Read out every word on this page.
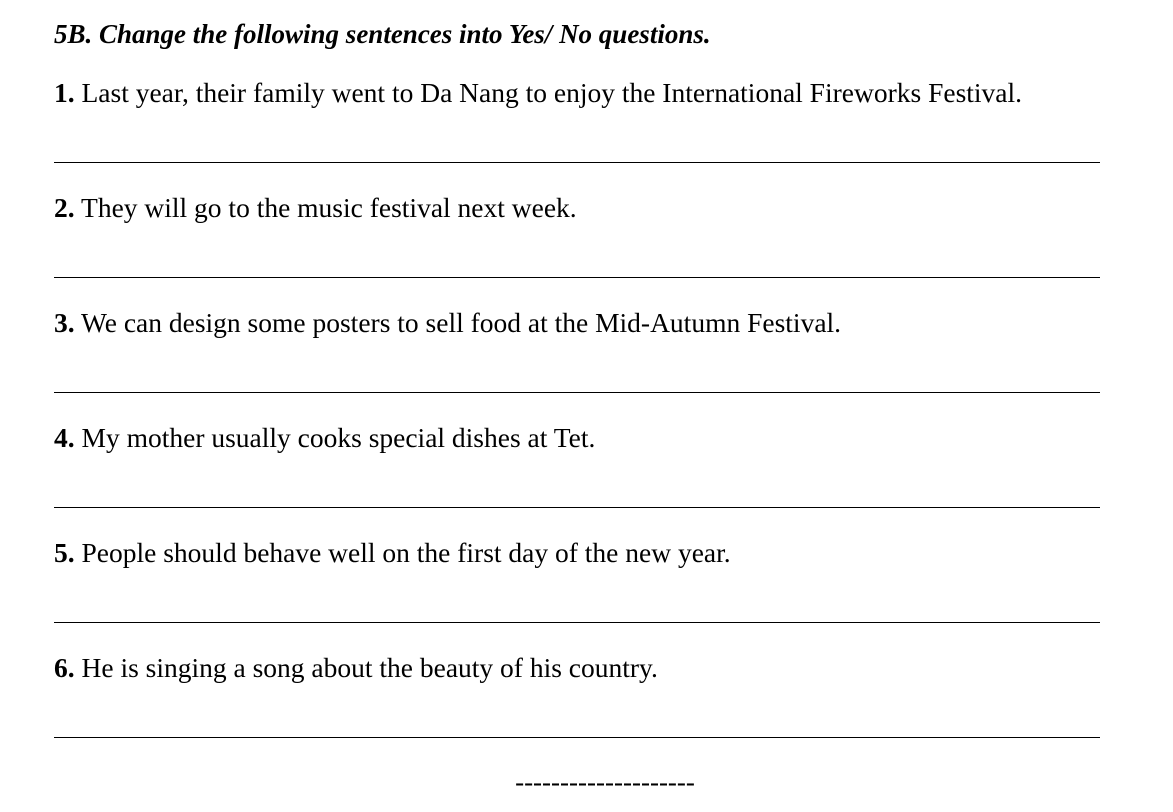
5B. Change the following sentences into Yes/ No questions.
1. Last year, their family went to Da Nang to enjoy the International Fireworks Festival.
2. They will go to the music festival next week.
3. We can design some posters to sell food at the Mid-Autumn Festival.
4. My mother usually cooks special dishes at Tet.
5. People should behave well on the first day of the new year.
6. He is singing a song about the beauty of his country.
--------------------
